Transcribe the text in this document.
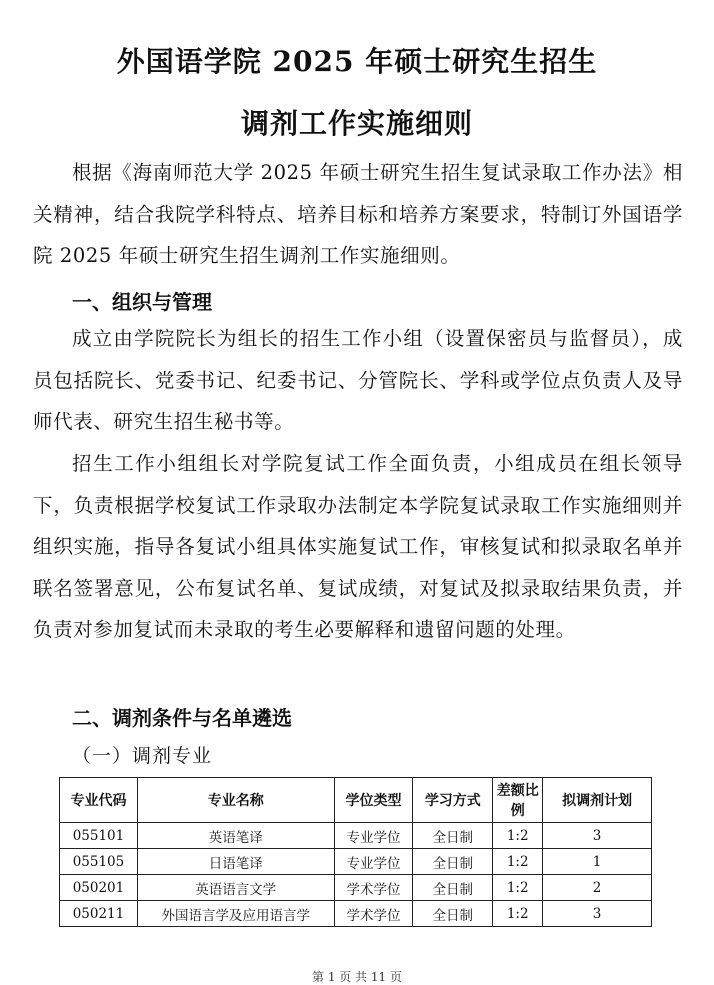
外国语学院 2025 年硕士研究生招生
调剂工作实施细则
根据《海南师范大学 2025 年硕士研究生招生复试录取工作办法》相关精神，结合我院学科特点、培养目标和培养方案要求，特制订外国语学院 2025 年硕士研究生招生调剂工作实施细则。
一、组织与管理
成立由学院院长为组长的招生工作小组（设置保密员与监督员），成员包括院长、党委书记、纪委书记、分管院长、学科或学位点负责人及导师代表、研究生招生秘书等。
招生工作小组组长对学院复试工作全面负责，小组成员在组长领导下，负责根据学校复试工作录取办法制定本学院复试录取工作实施细则并组织实施，指导各复试小组具体实施复试工作，审核复试和拟录取名单并联名签署意见，公布复试名单、复试成绩，对复试及拟录取结果负责，并负责对参加复试而未录取的考生必要解释和遗留问题的处理。
二、调剂条件与名单遴选
（一）调剂专业
专业代码	专业名称	学位类型	学习方式	差额比例	拟调剂计划
055101	英语笔译	专业学位	全日制	1:2	3
055105	日语笔译	专业学位	全日制	1:2	1
050201	英语语言文学	学术学位	全日制	1:2	2
050211	外国语言学及应用语言学	学术学位	全日制	1:2	3
第 1 页 共 11 页
